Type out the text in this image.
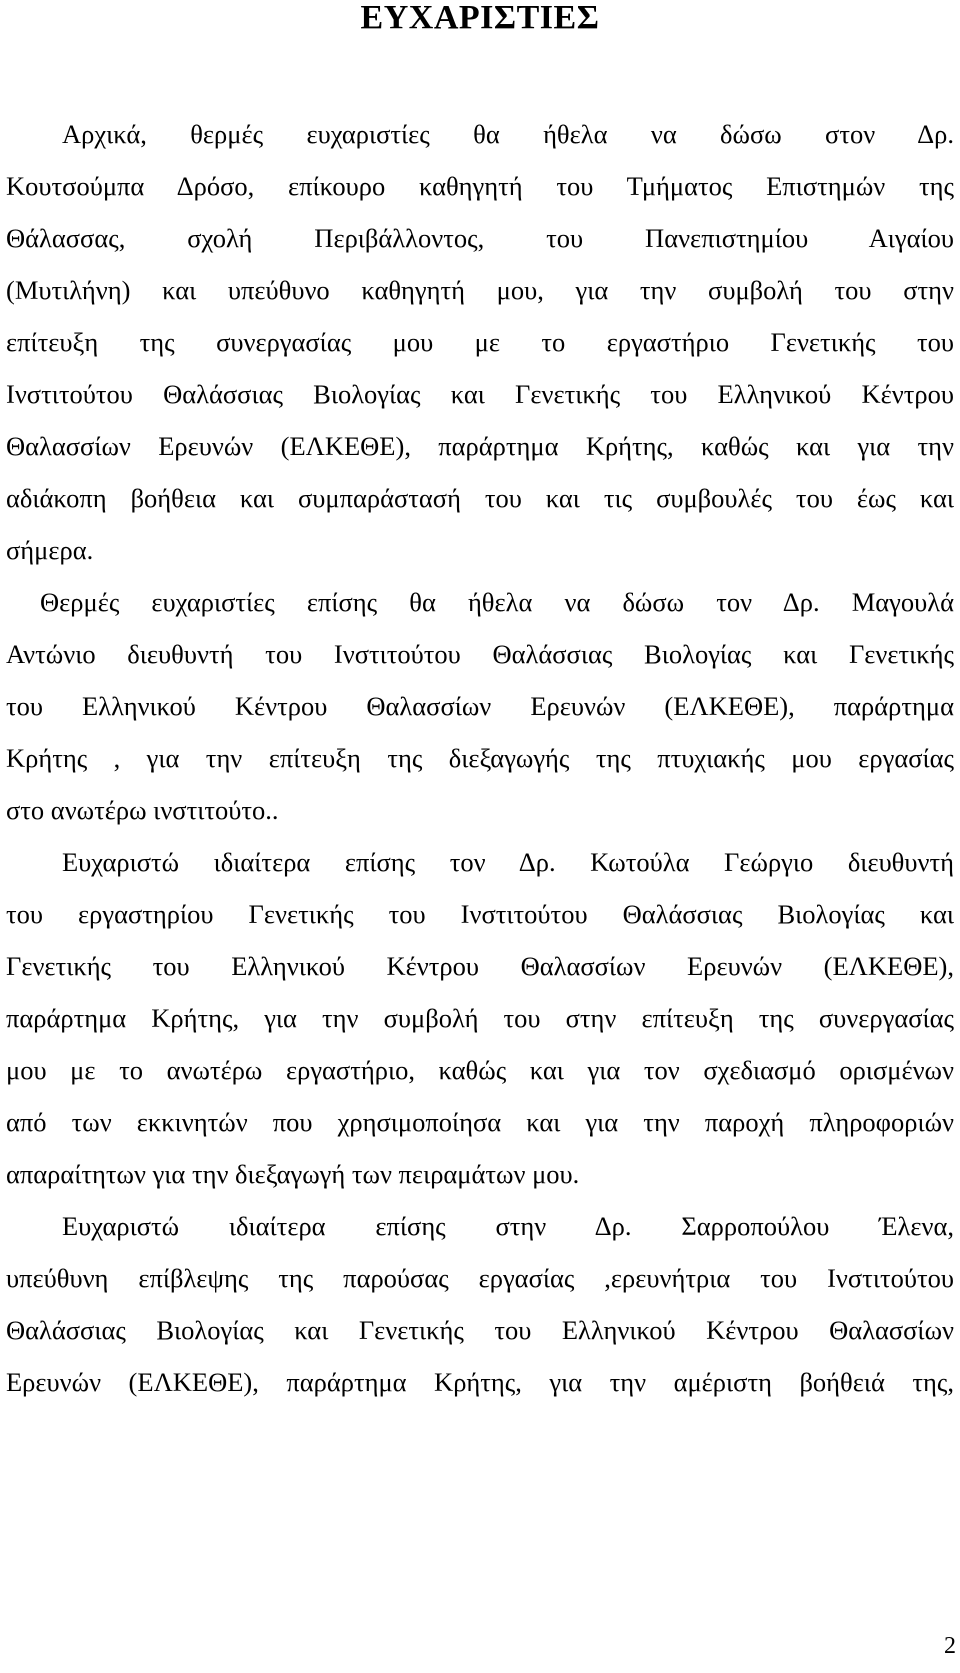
ΕΥΧΑΡΙΣΤΙΕΣ

Αρχικά, θερμές ευχαριστίες θα ήθελα να δώσω στον Δρ.

Κουτσούμπα Δρόσο, επίκουρο καθηγητή του Τμήματος Επιστημών της

Θάλασσας, σχολή Περιβάλλοντος, του Πανεπιστημίου Αιγαίου

(Μυτιλήνη) και υπεύθυνο καθηγητή μου, για την συμβολή του στην

επίτευξη της συνεργασίας μου με το εργαστήριο Γενετικής του

Ινστιτούτου Θαλάσσιας Βιολογίας και Γενετικής του Ελληνικού Κέντρου

Θαλασσίων Ερευνών (ΕΛΚΕΘΕ), παράρτημα Κρήτης, καθώς και για την

αδιάκοπη βοήθεια και συμπαράστασή του και τις συμβουλές του έως και

σήμερα.

Θερμές ευχαριστίες επίσης θα ήθελα να δώσω τον Δρ. Μαγουλά

Αντώνιο διευθυντή του Ινστιτούτου Θαλάσσιας Βιολογίας και Γενετικής

του Ελληνικού Κέντρου Θαλασσίων Ερευνών (ΕΛΚΕΘΕ), παράρτημα

Κρήτης , για την επίτευξη της διεξαγωγής της πτυχιακής μου εργασίας

στο ανωτέρω ινστιτούτο..

Ευχαριστώ ιδιαίτερα επίσης τον Δρ. Κωτούλα Γεώργιο διευθυντή

του εργαστηρίου Γενετικής του Ινστιτούτου Θαλάσσιας Βιολογίας και

Γενετικής του Ελληνικού Κέντρου Θαλασσίων Ερευνών (ΕΛΚΕΘΕ),

παράρτημα Κρήτης, για την συμβολή του στην επίτευξη της συνεργασίας

μου με το ανωτέρω εργαστήριο, καθώς και για τον σχεδιασμό ορισμένων

από των εκκινητών που χρησιμοποίησα και για την παροχή πληροφοριών

απαραίτητων για την διεξαγωγή των πειραμάτων μου.

Ευχαριστώ ιδιαίτερα επίσης στην Δρ. Σαρροπούλου Έλενα,

υπεύθυνη επίβλεψης της παρούσας εργασίας ,ερευνήτρια του Ινστιτούτου

Θαλάσσιας Βιολογίας και Γενετικής του Ελληνικού Κέντρου Θαλασσίων

Ερευνών (ΕΛΚΕΘΕ), παράρτημα Κρήτης, για την αμέριστη βοήθειά της,

2
